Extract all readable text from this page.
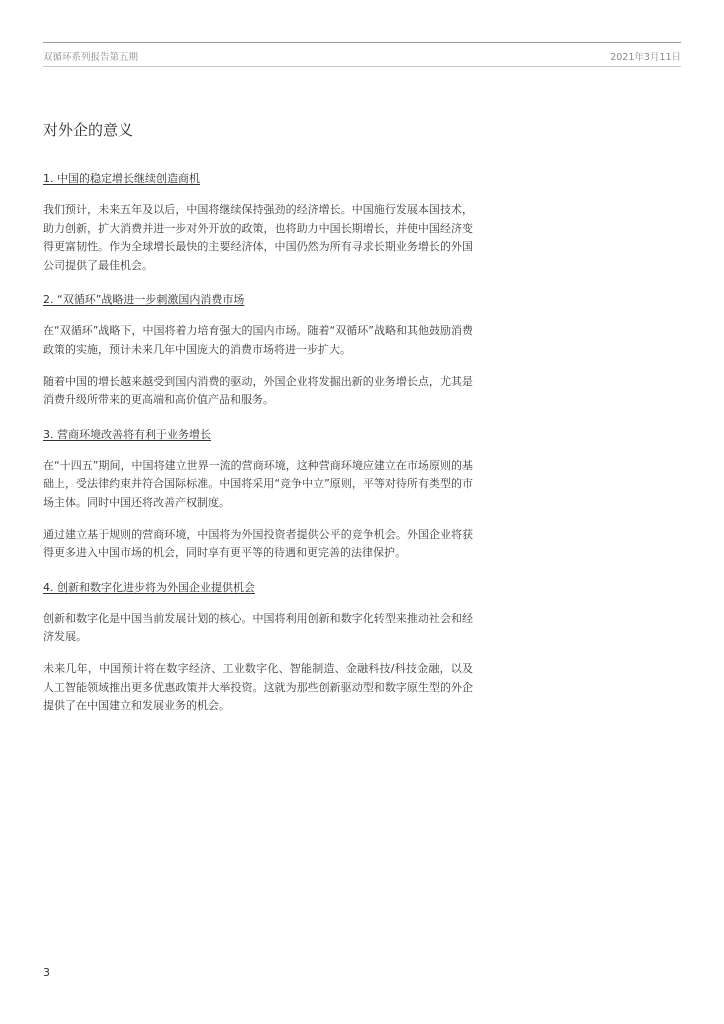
双循环系列报告第五期	2021年3月11日
对外企的意义
1. 中国的稳定增长继续创造商机

我们预计，未来五年及以后，中国将继续保持强劲的经济增长。中国施行发展本国技术，助力创新，扩大消费并进一步对外开放的政策，也将助力中国长期增长，并使中国经济变得更富韧性。作为全球增长最快的主要经济体，中国仍然为所有寻求长期业务增长的外国公司提供了最佳机会。

2. “双循环”战略进一步刺激国内消费市场

在“双循环”战略下，中国将着力培育强大的国内市场。随着“双循环”战略和其他鼓励消费政策的实施，预计未来几年中国庞大的消费市场将进一步扩大。

随着中国的增长越来越受到国内消费的驱动，外国企业将发掘出新的业务增长点，尤其是消费升级所带来的更高端和高价值产品和服务。

3. 营商环境改善将有利于业务增长

在“十四五”期间，中国将建立世界一流的营商环境，这种营商环境应建立在市场原则的基础上，受法律约束并符合国际标准。中国将采用“竞争中立”原则，平等对待所有类型的市场主体。同时中国还将改善产权制度。

通过建立基于规则的营商环境，中国将为外国投资者提供公平的竞争机会。外国企业将获得更多进入中国市场的机会，同时享有更平等的待遇和更完善的法律保护。

4. 创新和数字化进步将为外国企业提供机会

创新和数字化是中国当前发展计划的核心。中国将利用创新和数字化转型来推动社会和经济发展。

未来几年，中国预计将在数字经济、工业数字化、智能制造、金融科技/科技金融，以及人工智能领域推出更多优惠政策并大举投资。这就为那些创新驱动型和数字原生型的外企提供了在中国建立和发展业务的机会。

3
